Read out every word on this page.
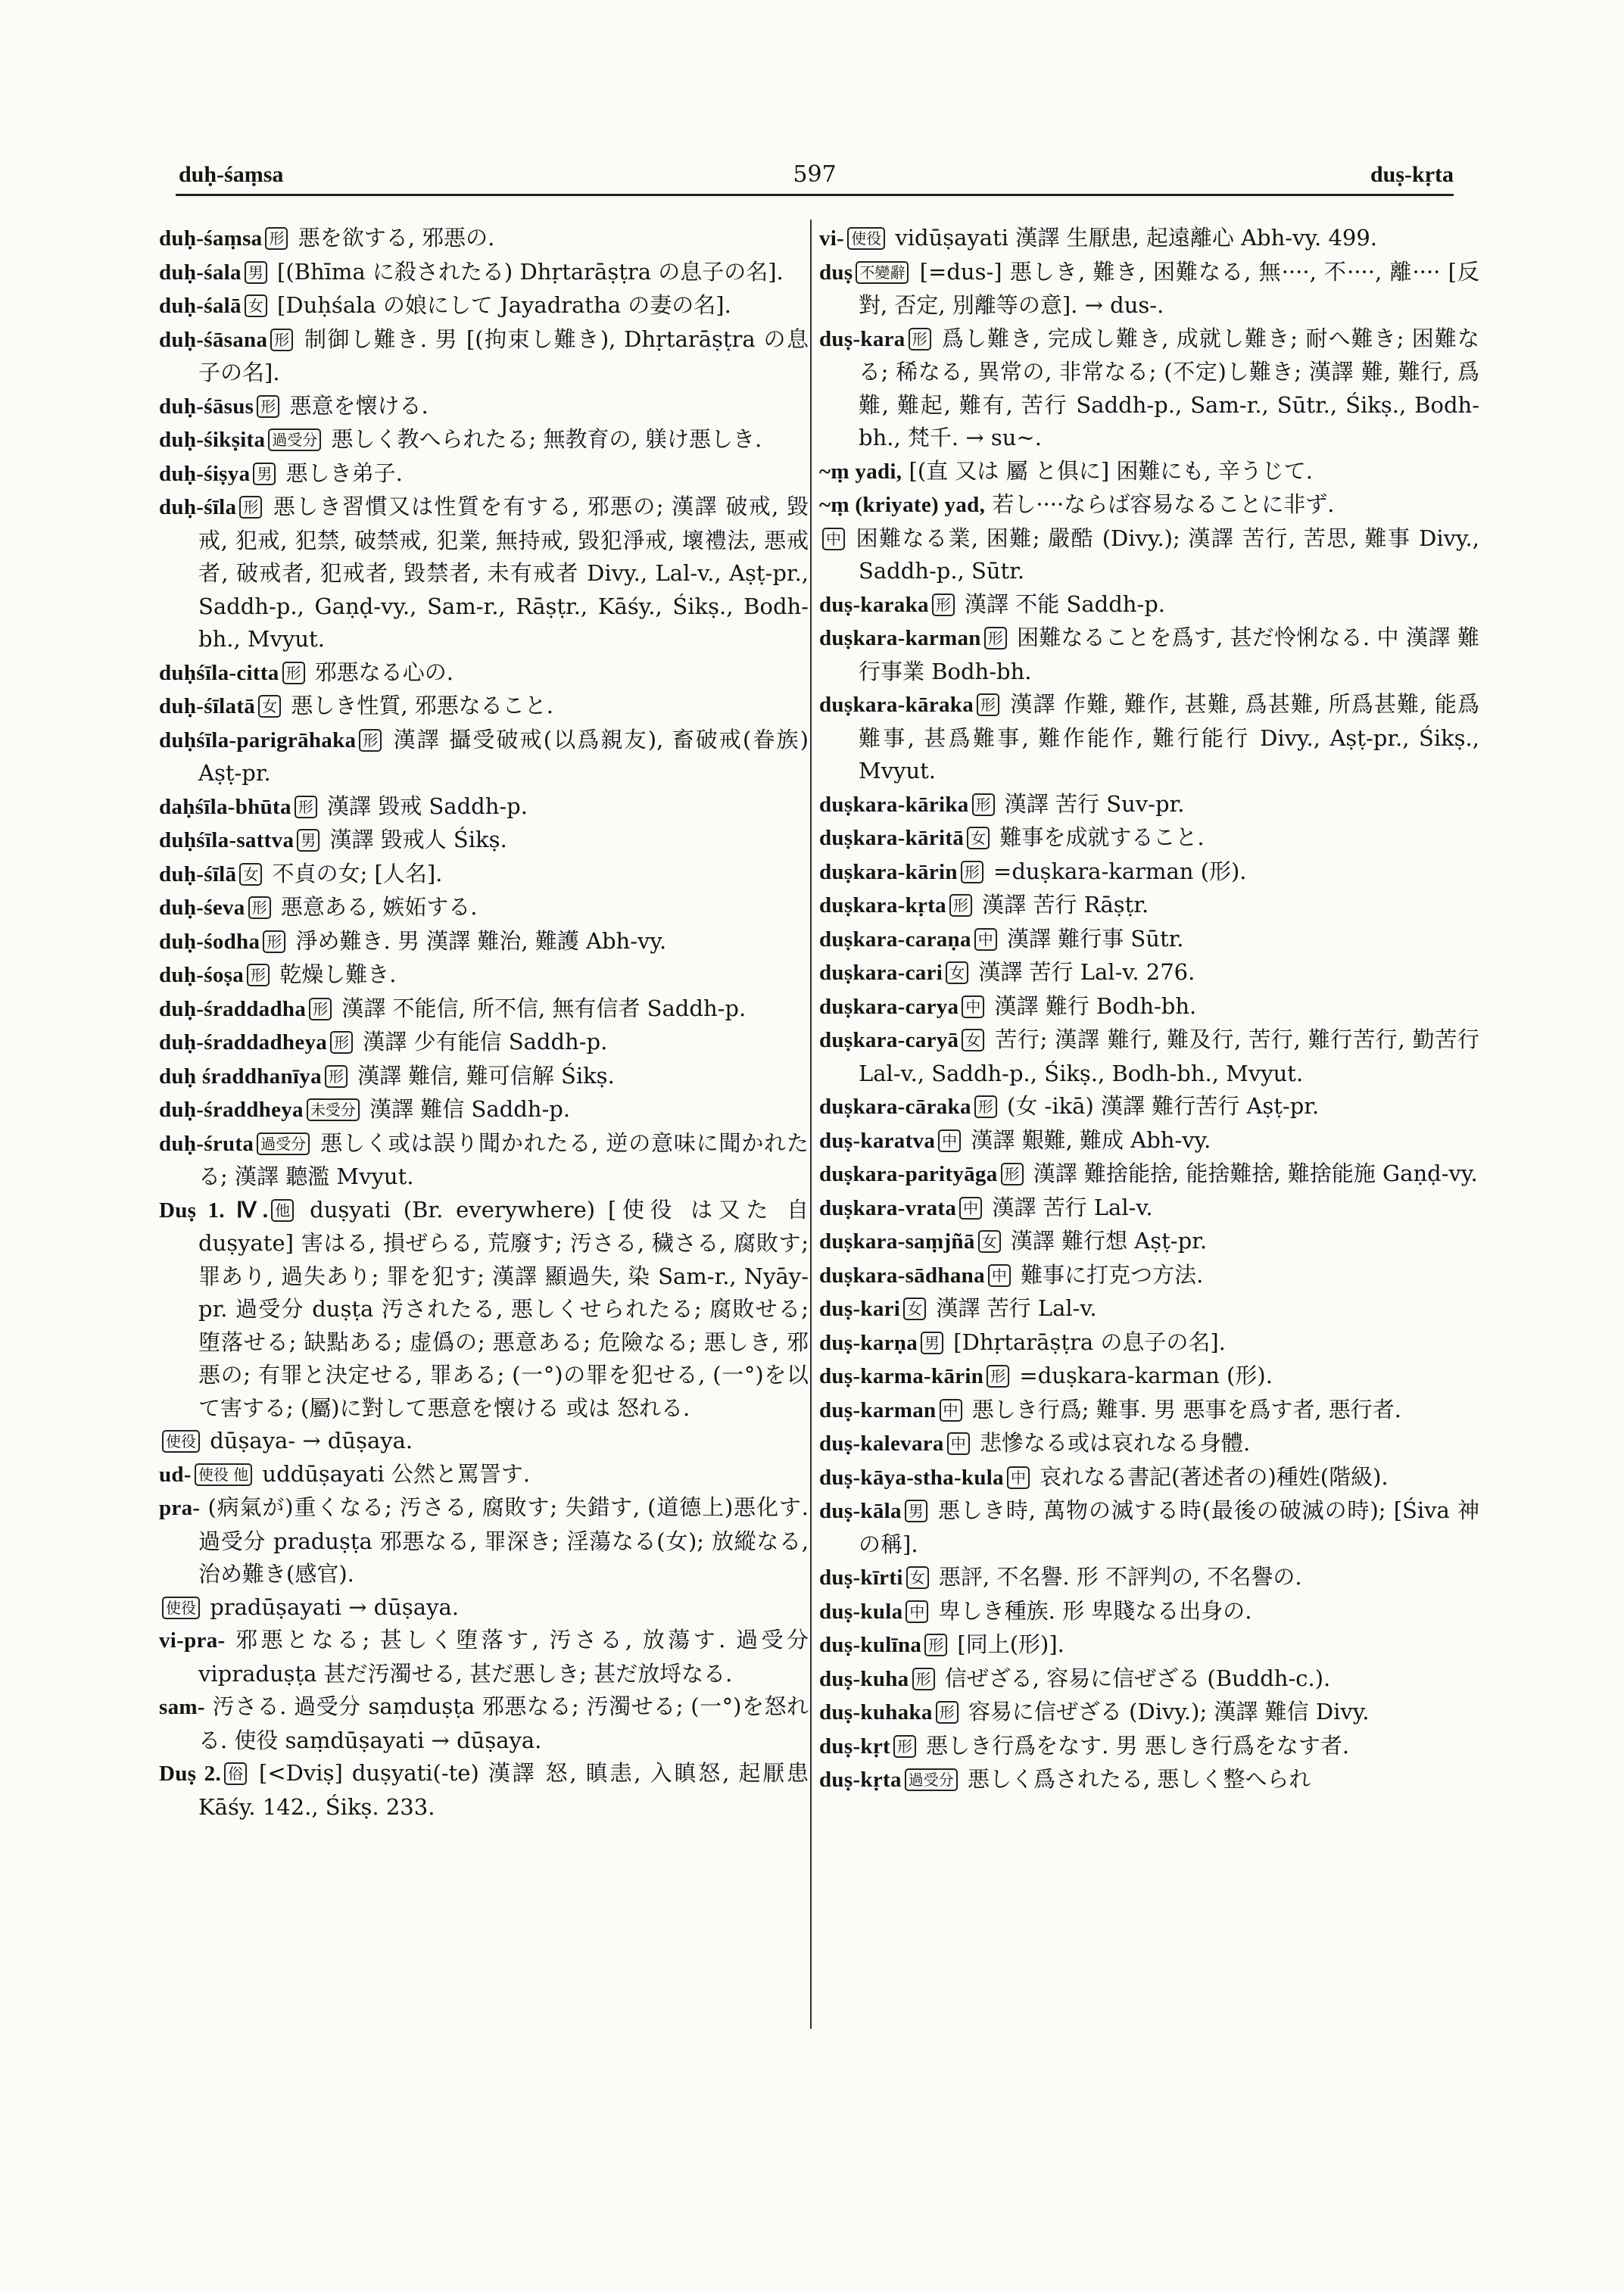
duḥ-śaṃsa	597	duṣ-kṛta

duḥ-śaṃsa 形 悪を欲する, 邪悪の.

duḥ-śala 男 [(Bhīma に殺されたる) Dhṛtarāṣṭra の息子の名].

duḥ-śalā 女 [Duḥśala の娘にして Jayadratha の妻の名].

duḥ-śāsana 形 制御し難き. 男 [(拘束し難き), Dhṛtarāṣṭra の息子の名].

duḥ-śāsus 形 悪意を懐ける.

duḥ-śikṣita 過受分 悪しく教へられたる; 無教育の, 躾け悪しき.

duḥ-śiṣya 男 悪しき弟子.

duḥ-śīla 形 悪しき習慣又は性質を有する, 邪悪の; 漢譯 破戒, 毀戒, 犯戒, 犯禁, 破禁戒, 犯業, 無持戒, 毀犯淨戒, 壞禮法, 悪戒者, 破戒者, 犯戒者, 毀禁者, 未有戒者 Divy., Lal-v., Aṣṭ-pr., Saddh-p., Gaṇḍ-vy., Sam-r., Rāṣṭr., Kāśy., Śikṣ., Bodh-bh., Mvyut.

duḥśīla-citta 形 邪悪なる心の.

duḥ-śīlatā 女 悪しき性質, 邪悪なること.

duḥśīla-parigrāhaka 形 漢譯 攝受破戒(以爲親友), 畜破戒(眷族) Aṣṭ-pr.

daḥśīla-bhūta 形 漢譯 毀戒 Saddh-p.

duḥśīla-sattva 男 漢譯 毀戒人 Śikṣ.

duḥ-śīlā 女 不貞の女; [人名].

duḥ-śeva 形 悪意ある, 嫉妬する.

duḥ-śodha 形 淨め難き. 男 漢譯 難治, 難護 Abh-vy.

duḥ-śoṣa 形 乾燥し難き.

duḥ-śraddadha 形 漢譯 不能信, 所不信, 無有信者 Saddh-p.

duḥ-śraddadheya 形 漢譯 少有能信 Saddh-p.

duḥ śraddhanīya 形 漢譯 難信, 難可信解 Śikṣ.

duḥ-śraddheya 未受分 漢譯 難信 Saddh-p.

duḥ-śruta 過受分 悪しく或は誤り聞かれたる, 逆の意味に聞かれたる; 漢譯 聽濫 Mvyut.

Duṣ 1. Ⅳ. 他 duṣyati (Br. everywhere) [使役 は又た 自 duṣyate] 害はる, 損ぜらる, 荒廢す; 汚さる, 穢さる, 腐敗す; 罪あり, 過失あり; 罪を犯す; 漢譯 顯過失, 染 Sam-r., Nyāy-pr. 過受分 duṣṭa 汚されたる, 悪しくせられたる; 腐敗せる; 堕落せる; 缺點ある; 虚僞の; 悪意ある; 危險なる; 悪しき, 邪悪の; 有罪と決定せる, 罪ある; (一°)の罪を犯せる, (一°)を以て害する; (屬)に對して悪意を懐ける 或は 怒れる.

使役 dūṣaya- → dūṣaya.

ud- 使役 他 uddūṣayati 公然と罵詈す.

pra- (病氣が)重くなる; 汚さる, 腐敗す; 失錯す, (道德上)悪化す. 過受分 praduṣṭa 邪悪なる, 罪深き; 淫蕩なる(女); 放縱なる, 治め難き(感官).

使役 pradūṣayati → dūṣaya.

vi-pra- 邪悪となる; 甚しく堕落す, 汚さる, 放蕩す. 過受分 vipraduṣṭa 甚だ汚濁せる, 甚だ悪しき; 甚だ放埒なる.

sam- 汚さる. 過受分 saṃduṣṭa 邪悪なる; 汚濁せる; (一°)を怒れる. 使役 saṃdūṣayati → dūṣaya.

Duṣ 2. 俗 [<Dviṣ] duṣyati(-te) 漢譯 怒, 瞋恚, 入瞋怒, 起厭患 Kāśy. 142., Śikṣ. 233.

vi- 使役 vidūṣayati 漢譯 生厭患, 起遠離心 Abh-vy. 499.

duṣ 不變辭 [=dus-] 悪しき, 難き, 困難なる, 無····, 不····, 離···· [反對, 否定, 別離等の意]. → dus-.

duṣ-kara 形 爲し難き, 完成し難き, 成就し難き; 耐へ難き; 困難なる; 稀なる, 異常の, 非常なる; (不定)し難き; 漢譯 難, 難行, 爲難, 難起, 難有, 苦行 Saddh-p., Sam-r., Sūtr., Śikṣ., Bodh-bh., 梵千. → su~.

~ṃ yadi, [(直 又は 屬 と俱に] 困難にも, 辛うじて.

~ṃ (kriyate) yad, 若し····ならば容易なることに非ず.

中 困難なる業, 困難; 嚴酷 (Divy.); 漢譯 苦行, 苦思, 難事 Divy., Saddh-p., Sūtr.

duṣ-karaka 形 漢譯 不能 Saddh-p.

duṣkara-karman 形 困難なることを爲す, 甚だ怜悧なる. 中 漢譯 難行事業 Bodh-bh.

duṣkara-kāraka 形 漢譯 作難, 難作, 甚難, 爲甚難, 所爲甚難, 能爲難事, 甚爲難事, 難作能作, 難行能行 Divy., Aṣṭ-pr., Śikṣ., Mvyut.

duṣkara-kārika 形 漢譯 苦行 Suv-pr.

duṣkara-kāritā 女 難事を成就すること.

duṣkara-kārin 形 =duṣkara-karman (形).

duṣkara-kṛta 形 漢譯 苦行 Rāṣṭr.

duṣkara-caraṇa 中 漢譯 難行事 Sūtr.

duṣkara-cari 女 漢譯 苦行 Lal-v. 276.

duṣkara-carya 中 漢譯 難行 Bodh-bh.

duṣkara-caryā 女 苦行; 漢譯 難行, 難及行, 苦行, 難行苦行, 勤苦行 Lal-v., Saddh-p., Śikṣ., Bodh-bh., Mvyut.

duṣkara-cāraka 形 (女 -ikā) 漢譯 難行苦行 Aṣṭ-pr.

duṣ-karatva 中 漢譯 艱難, 難成 Abh-vy.

duṣkara-parityāga 形 漢譯 難捨能捨, 能捨難捨, 難捨能施 Gaṇḍ-vy.

duṣkara-vrata 中 漢譯 苦行 Lal-v.

duṣkara-saṃjñā 女 漢譯 難行想 Aṣṭ-pr.

duṣkara-sādhana 中 難事に打克つ方法.

duṣ-kari 女 漢譯 苦行 Lal-v.

duṣ-karṇa 男 [Dhṛtarāṣṭra の息子の名].

duṣ-karma-kārin 形 =duṣkara-karman (形).

duṣ-karman 中 悪しき行爲; 難事. 男 悪事を爲す者, 悪行者.

duṣ-kalevara 中 悲慘なる或は哀れなる身體.

duṣ-kāya-stha-kula 中 哀れなる書記(著述者の)種姓(階級).

duṣ-kāla 男 悪しき時, 萬物の滅する時(最後の破滅の時); [Śiva 神の稱].

duṣ-kīrti 女 悪評, 不名譽. 形 不評判の, 不名譽の.

duṣ-kula 中 卑しき種族. 形 卑賤なる出身の.

duṣ-kulīna 形 [同上(形)].

duṣ-kuha 形 信ぜざる, 容易に信ぜざる (Buddh-c.).

duṣ-kuhaka 形 容易に信ぜざる (Divy.); 漢譯 難信 Divy.

duṣ-kṛt 形 悪しき行爲をなす. 男 悪しき行爲をなす者.

duṣ-kṛta 過受分 悪しく爲されたる, 悪しく整へられ
